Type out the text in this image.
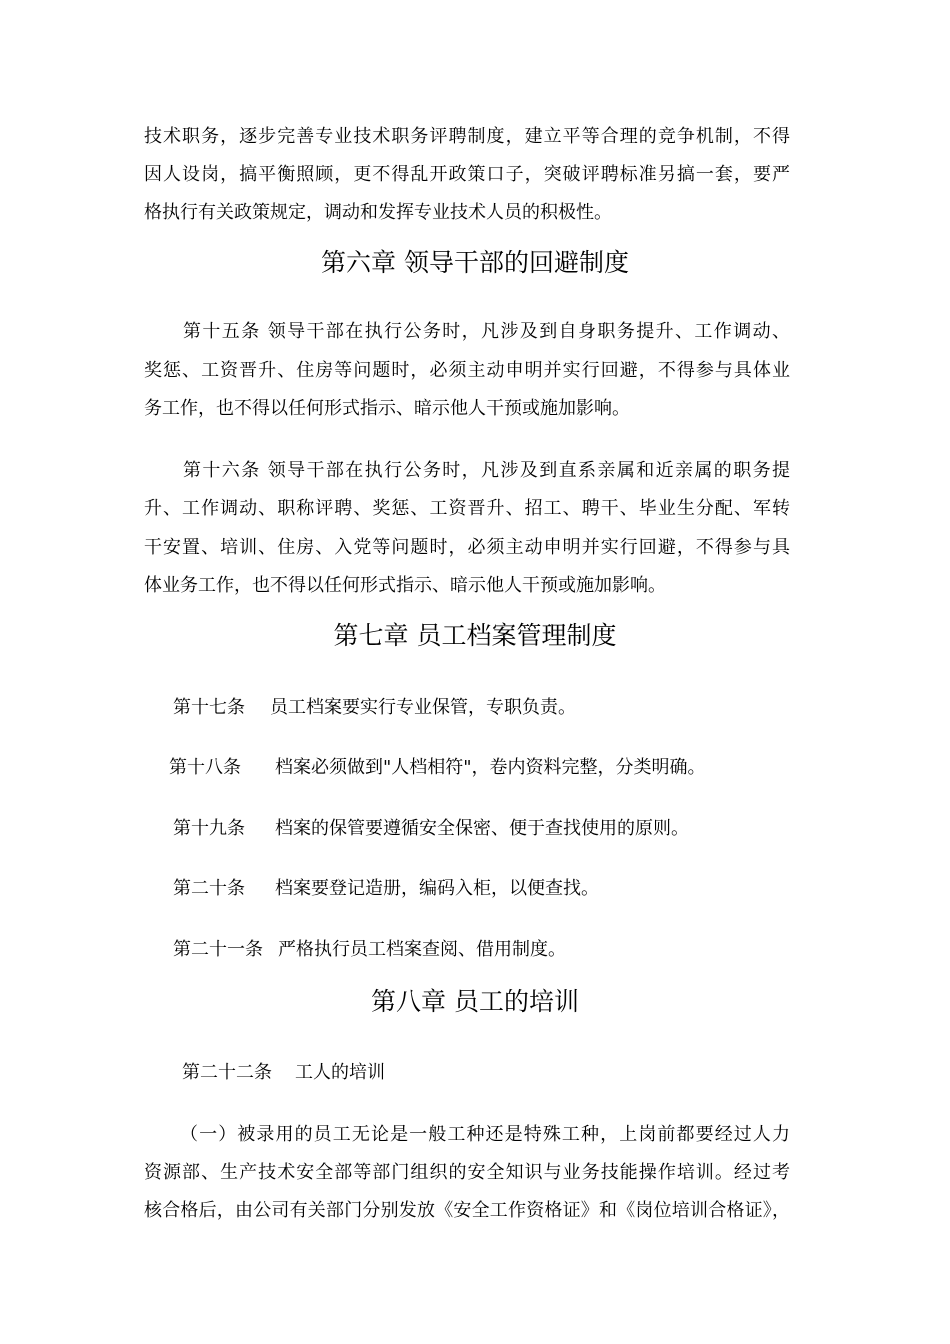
技术职务，逐步完善专业技术职务评聘制度，建立平等合理的竞争机制，不得
因人设岗，搞平衡照顾，更不得乱开政策口子，突破评聘标准另搞一套，要严
格执行有关政策规定，调动和发挥专业技术人员的积极性。
第六章 领导干部的回避制度
第十五条 领导干部在执行公务时，凡涉及到自身职务提升、工作调动、
奖惩、工资晋升、住房等问题时，必须主动申明并实行回避，不得参与具体业
务工作，也不得以任何形式指示、暗示他人干预或施加影响。
第十六条 领导干部在执行公务时，凡涉及到直系亲属和近亲属的职务提
升、工作调动、职称评聘、奖惩、工资晋升、招工、聘干、毕业生分配、军转
干安置、培训、住房、入党等问题时，必须主动申明并实行回避，不得参与具
体业务工作，也不得以任何形式指示、暗示他人干预或施加影响。
第七章 员工档案管理制度
第十七条 员工档案要实行专业保管，专职负责。
第十八条 档案必须做到"人档相符"，卷内资料完整，分类明确。
第十九条 档案的保管要遵循安全保密、便于查找使用的原则。
第二十条 档案要登记造册，编码入柜，以便查找。
第二十一条 严格执行员工档案查阅、借用制度。
第八章 员工的培训
第二十二条 工人的培训
（一）被录用的员工无论是一般工种还是特殊工种，上岗前都要经过人力
资源部、生产技术安全部等部门组织的安全知识与业务技能操作培训。经过考
核合格后，由公司有关部门分别发放《安全工作资格证》和《岗位培训合格证》，
